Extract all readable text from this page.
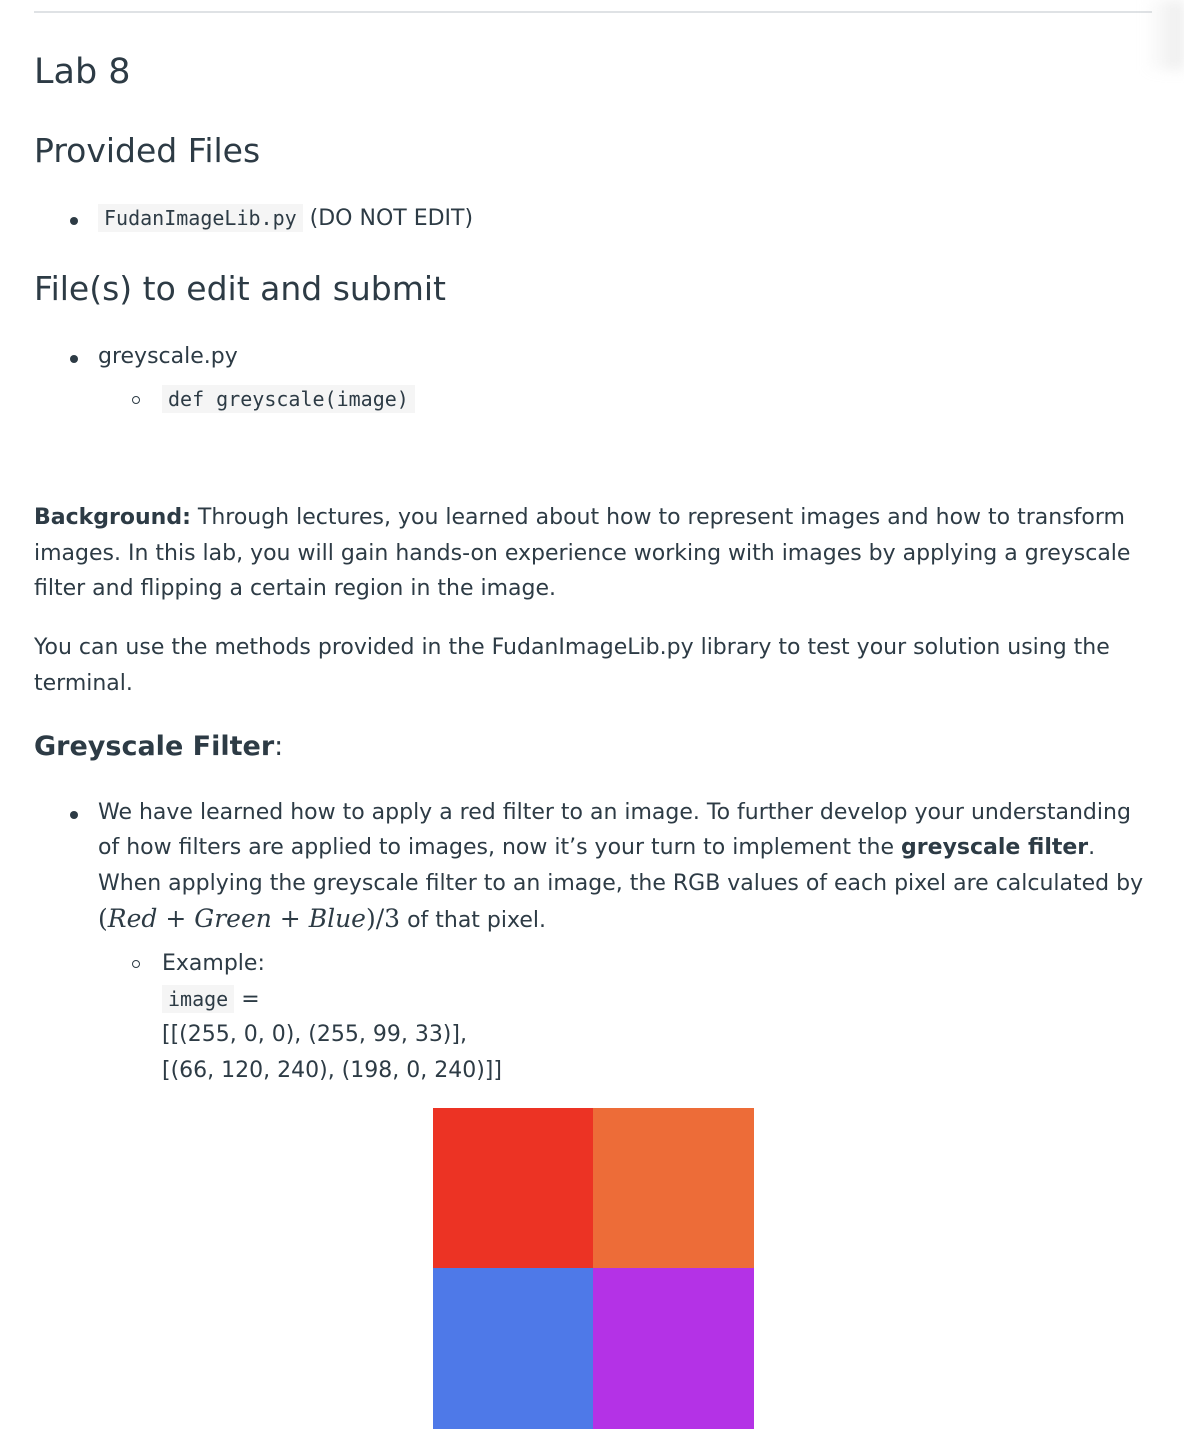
Lab 8
Provided Files
FudanImageLib.py (DO NOT EDIT)
File(s) to edit and submit
greyscale.py
def greyscale(image)

Background: Through lectures, you learned about how to represent images and how to transform images. In this lab, you will gain hands-on experience working with images by applying a greyscale filter and flipping a certain region in the image.

You can use the methods provided in the FudanImageLib.py library to test your solution using the terminal.

Greyscale Filter:
We have learned how to apply a red filter to an image. To further develop your understanding of how filters are applied to images, now it’s your turn to implement the greyscale filter. When applying the greyscale filter to an image, the RGB values of each pixel are calculated by (Red + Green + Blue)/3 of that pixel.
Example:
image =
[[(255, 0, 0), (255, 99, 33)],
[(66, 120, 240), (198, 0, 240)]]
